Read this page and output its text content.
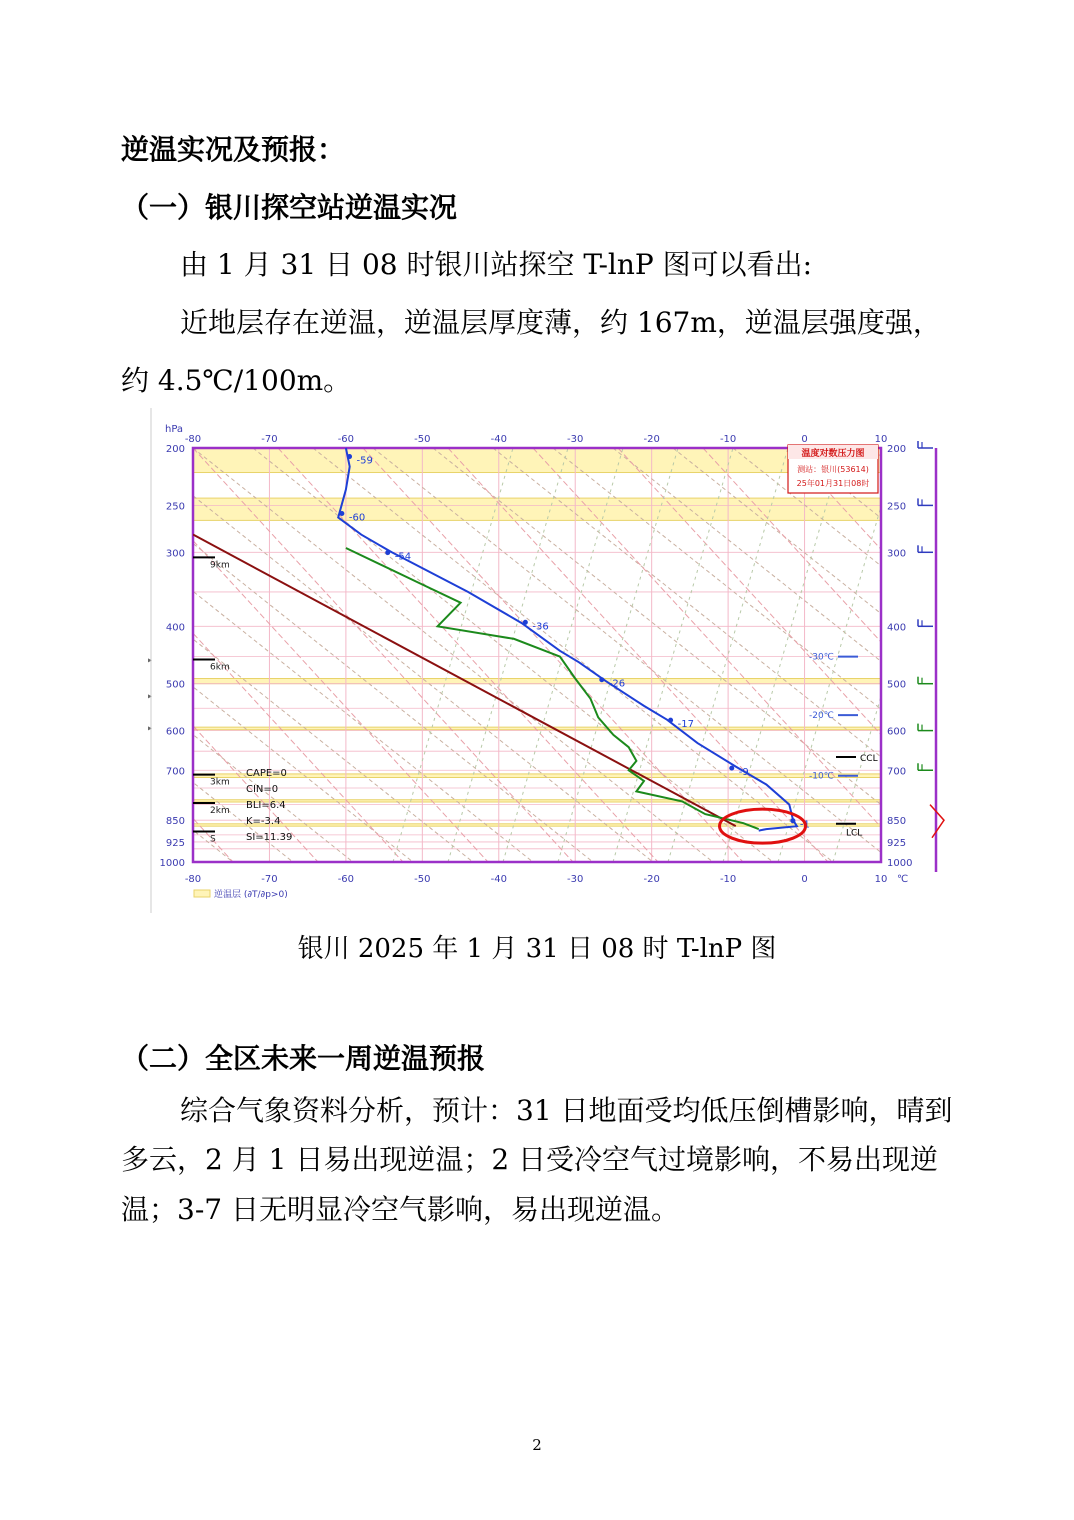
逆温实况及预报：
（一）银川探空站逆温实况
由 1 月 31 日 08 时银川站探空 T-lnP 图可以看出:
近地层存在逆温，逆温层厚度薄，约 167m，逆温层强度强，
约 4.5℃/100m。
-80
-80
-70
-70
-60
-60
-50
-50
-40
-40
-30
-30
-20
-20
-10
-10
0
0
10
10 ℃
hPa
200	200
250	250
300	300
400	400
500	500
600	600
700	700
850	850
925	925
1000	1000
9km
6km
3km
2km
S
-59
-60
-54
-36
-26
-17
-9
-1
-30℃
-20℃
-10℃
CCL
LCL
CAPE=0
CIN=0
BLI=6.4
K=-3.4
SI=11.39
温度对数压力图
测站：银川(53614)
25年01月31日08时
▸
▸
▸
逆温层 (∂T/∂p>0)
银川 2025 年 1 月 31 日 08 时 T-lnP 图
（二）全区未来一周逆温预报
综合气象资料分析，预计：31 日地面受均低压倒槽影响，晴到
多云，2 月 1 日易出现逆温；2 日受冷空气过境影响，不易出现逆
温；3-7 日无明显冷空气影响，易出现逆温。
2
